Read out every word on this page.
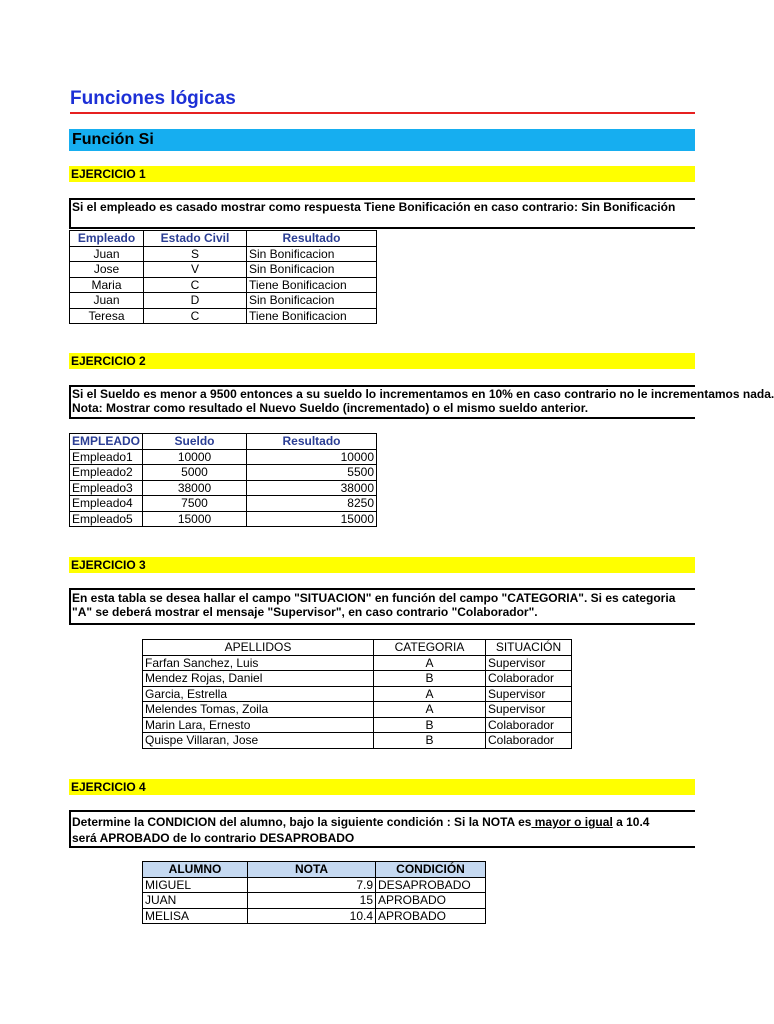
Funciones lógicas
Función Si
EJERCICIO 1
Si el empleado es casado mostrar como respuesta Tiene Bonificación en caso contrario: Sin Bonificación
Empleado	Estado Civil	Resultado
Juan	S	Sin Bonificacion
Jose	V	Sin Bonificacion
Maria	C	Tiene Bonificacion
Juan	D	Sin Bonificacion
Teresa	C	Tiene Bonificacion
EJERCICIO 2
Si el Sueldo es menor a 9500 entonces a su sueldo lo incrementamos en 10% en caso contrario no le incrementamos nada.
Nota: Mostrar como resultado el Nuevo Sueldo (incrementado) o el mismo sueldo anterior.
EMPLEADO	Sueldo	Resultado
Empleado1	10000	10000
Empleado2	5000	5500
Empleado3	38000	38000
Empleado4	7500	8250
Empleado5	15000	15000
EJERCICIO 3
En esta tabla se desea hallar el campo "SITUACION" en función del campo "CATEGORIA". Si es categoria "A" se deberá mostrar el mensaje "Supervisor", en caso contrario "Colaborador".
APELLIDOS	CATEGORIA	SITUACIÓN
Farfan Sanchez, Luis	A	Supervisor
Mendez Rojas, Daniel	B	Colaborador
Garcia, Estrella	A	Supervisor
Melendes Tomas, Zoila	A	Supervisor
Marin Lara, Ernesto	B	Colaborador
Quispe Villaran, Jose	B	Colaborador
EJERCICIO 4
Determine la CONDICION del alumno, bajo la siguiente condición : Si la NOTA es mayor o igual a 10.4
será APROBADO de lo contrario DESAPROBADO
ALUMNO	NOTA	CONDICIÓN
MIGUEL	7.9	DESAPROBADO
JUAN	15	APROBADO
MELISA	10.4	APROBADO
